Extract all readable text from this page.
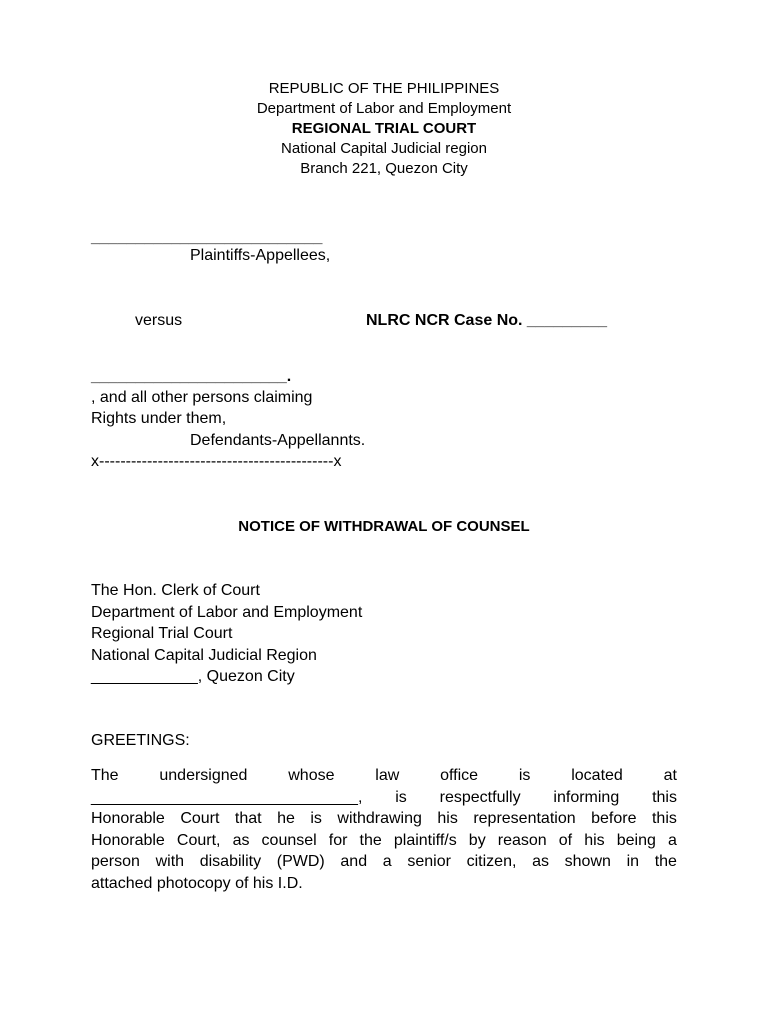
REPUBLIC OF THE PHILIPPINES
Department of Labor and Employment
REGIONAL TRIAL COURT
National Capital Judicial region
Branch 221, Quezon City
__________________________
Plaintiffs-Appellees,
versus	NLRC NCR Case No. _________
______________________.
, and all other persons claiming
Rights under them,
Defendants-Appellannts.
x--------------------------------------------x
NOTICE OF WITHDRAWAL OF COUNSEL
The Hon. Clerk of Court
Department of Labor and Employment
Regional Trial Court
National Capital Judicial Region
____________, Quezon City
GREETINGS:
The	undersigned	whose	law	office	is	located	at
______________________________, is respectfully informing this
Honorable Court that he is withdrawing his representation before this
Honorable Court, as counsel for the plaintiff/s by reason of his being a
person with disability (PWD) and a senior citizen, as shown in the
attached photocopy of his I.D.
